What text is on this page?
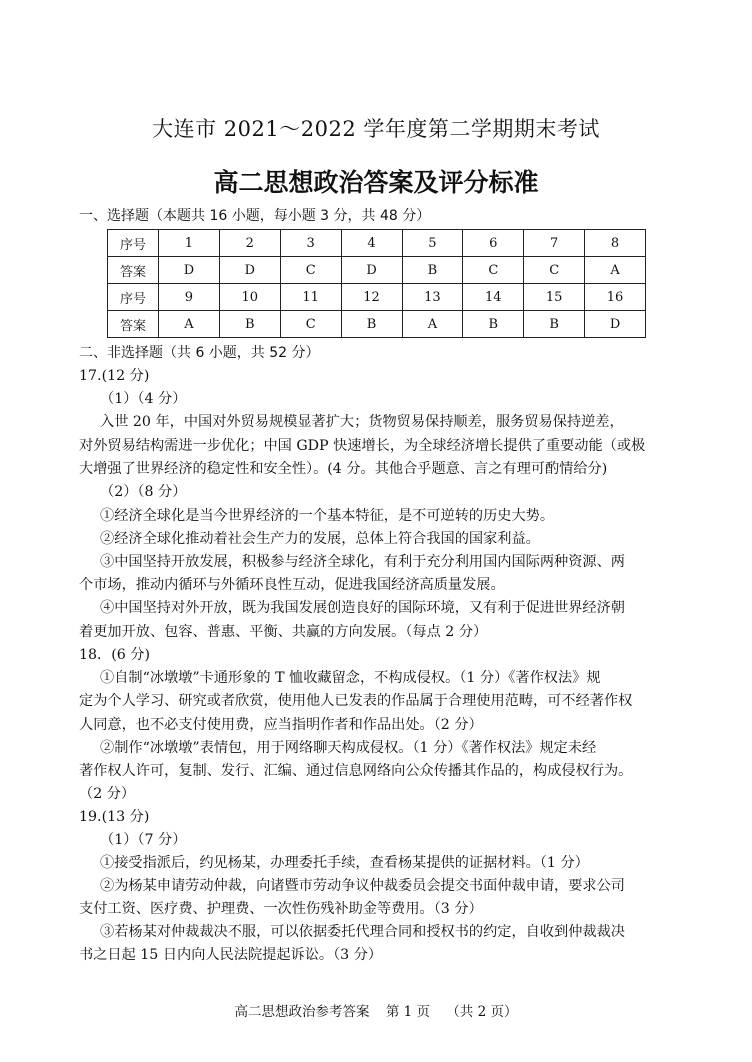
大连市 2021～2022 学年度第二学期期末考试
高二思想政治答案及评分标准
一、选择题（本题共 16 小题，每小题 3 分，共 48 分）
序号	1	2	3	4	5	6	7	8
答案	D	D	C	D	B	C	C	A
序号	9	10	11	12	13	14	15	16
答案	A	B	C	B	A	B	B	D
二、非选择题（共 6 小题，共 52 分）
17.(12 分)
（1）（4 分）
入世 20 年，中国对外贸易规模显著扩大；货物贸易保持顺差，服务贸易保持逆差，
对外贸易结构需进一步优化；中国 GDP 快速增长，为全球经济增长提供了重要动能（或极
大增强了世界经济的稳定性和安全性）。(4 分。其他合乎题意、言之有理可酌情给分)
（2）（8 分）
①经济全球化是当今世界经济的一个基本特征，是不可逆转的历史大势。
②经济全球化推动着社会生产力的发展，总体上符合我国的国家利益。
③中国坚持开放发展，积极参与经济全球化，有利于充分利用国内国际两种资源、两
个市场，推动内循环与外循环良性互动，促进我国经济高质量发展。
④中国坚持对外开放，既为我国发展创造良好的国际环境，又有利于促进世界经济朝
着更加开放、包容、普惠、平衡、共赢的方向发展。（每点 2 分）
18．(6 分)
①自制“冰墩墩”卡通形象的 T 恤收藏留念，不构成侵权。（1 分）《著作权法》规
定为个人学习、研究或者欣赏，使用他人已发表的作品属于合理使用范畴，可不经著作权
人同意，也不必支付使用费，应当指明作者和作品出处。（2 分）
②制作“冰墩墩”表情包，用于网络聊天构成侵权。（1 分）《著作权法》规定未经
著作权人许可，复制、发行、汇编、通过信息网络向公众传播其作品的，构成侵权行为。
（2 分）
19.(13 分)
（1）（7 分）
①接受指派后，约见杨某，办理委托手续，查看杨某提供的证据材料。（1 分）
②为杨某申请劳动仲裁，向诸暨市劳动争议仲裁委员会提交书面仲裁申请，要求公司
支付工资、医疗费、护理费、一次性伤残补助金等费用。（3 分）
③若杨某对仲裁裁决不服，可以依据委托代理合同和授权书的约定，自收到仲裁裁决
书之日起 15 日内向人民法院提起诉讼。（3 分）
高二思想政治参考答案 第 1 页 （共 2 页）
